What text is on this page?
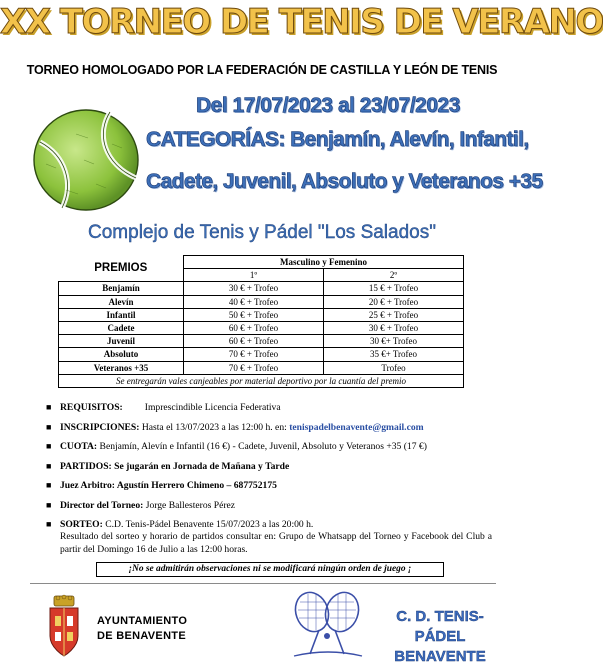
XX TORNEO DE TENIS DE VERANO
TORNEO HOMOLOGADO POR LA FEDERACIÓN DE CASTILLA Y LEÓN DE TENIS
Del 17/07/2023 al 23/07/2023
CATEGORÍAS: Benjamín, Alevín, Infantil,
Cadete, Juvenil, Absoluto y Veteranos +35
Complejo de Tenis y Pádel "Los Salados"
PREMIOS	Masculino y Femenino	
	1º	2º
Benjamín	30 € + Trofeo	15 € + Trofeo
Alevín	40 € + Trofeo	20 € + Trofeo
Infantil	50 € + Trofeo	25 € + Trofeo
Cadete	60 € + Trofeo	30 € + Trofeo
Juvenil	60 € + Trofeo	30 €+ Trofeo
Absoluto	70 € + Trofeo	35 €+ Trofeo
Veteranos +35	70 € + Trofeo	Trofeo
Se entregarán vales canjeables por material deportivo por la cuantía del premio		
■ REQUISITOS: Imprescindible Licencia Federativa
■ INSCRIPCIONES: Hasta el 13/07/2023 a las 12:00 h. en: tenispadelbenavente@gmail.com
■ CUOTA: Benjamín, Alevín e Infantil (16 €) - Cadete, Juvenil, Absoluto y Veteranos +35 (17 €)
■ PARTIDOS: Se jugarán en Jornada de Mañana y Tarde
■ Juez Arbitro: Agustín Herrero Chimeno – 687752175
■ Director del Torneo: Jorge Ballesteros Pérez
■ SORTEO: C.D. Tenis-Pádel Benavente 15/07/2023 a las 20:00 h.
Resultado del sorteo y horario de partidos consultar en: Grupo de Whatsapp del Torneo y Facebook del Club a partir del Domingo 16 de Julio a las 12:00 horas.
¡No se admitirán observaciones ni se modificará ningún orden de juego ¡
AYUNTAMIENTO
DE BENAVENTE
C. D. TENIS-PÁDEL
BENAVENTE
